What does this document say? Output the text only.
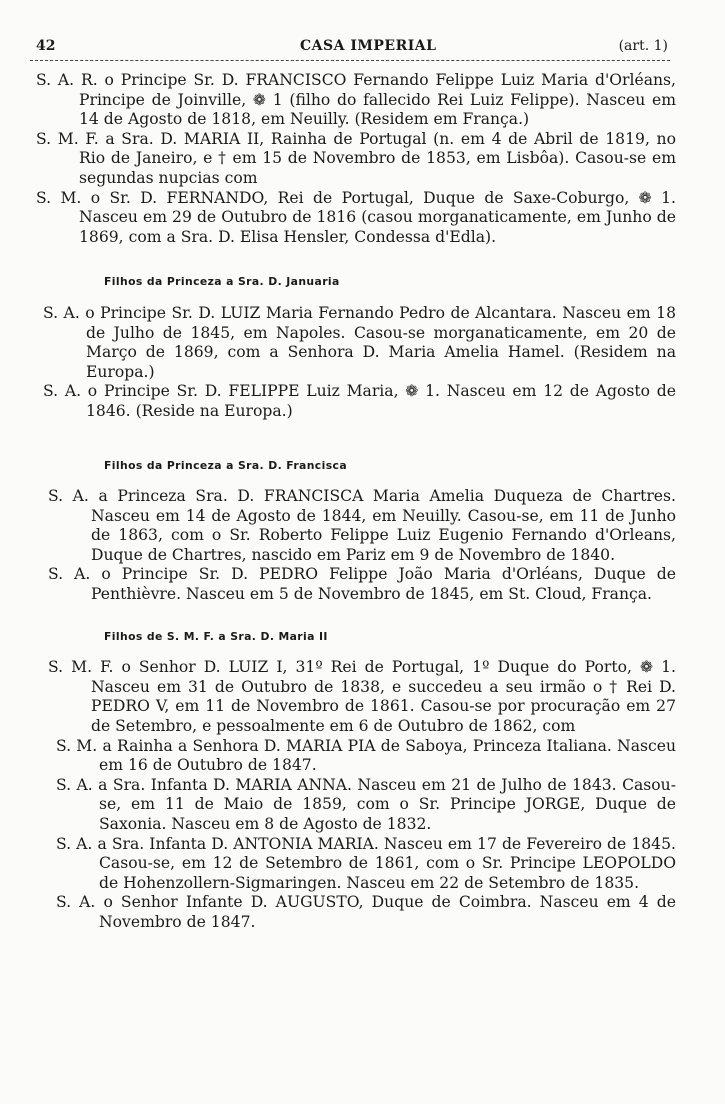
42	CASA IMPERIAL	(art. 1)

S. A. R. o Principe Sr. D. FRANCISCO Fernando Felippe Luiz Maria d'Orléans, Principe de Joinville, ❁ 1 (filho do fallecido Rei Luiz Felippe). Nasceu em 14 de Agosto de 1818, em Neuilly. (Residem em França.)

S. M. F. a Sra. D. MARIA II, Rainha de Portugal (n. em 4 de Abril de 1819, no Rio de Janeiro, e † em 15 de Novembro de 1853, em Lisbôa). Casou-se em segundas nupcias com

S. M. o Sr. D. FERNANDO, Rei de Portugal, Duque de Saxe-Coburgo, ❁ 1. Nasceu em 29 de Outubro de 1816 (casou morganaticamente, em Junho de 1869, com a Sra. D. Elisa Hensler, Condessa d'Edla).

Filhos da Princeza a Sra. D. Januaria

S. A. o Principe Sr. D. LUIZ Maria Fernando Pedro de Alcantara. Nasceu em 18 de Julho de 1845, em Napoles. Casou-se morganaticamente, em 20 de Março de 1869, com a Senhora D. Maria Amelia Hamel. (Residem na Europa.)

S. A. o Principe Sr. D. FELIPPE Luiz Maria, ❁ 1. Nasceu em 12 de Agosto de 1846. (Reside na Europa.)

Filhos da Princeza a Sra. D. Francisca

S. A. a Princeza Sra. D. FRANCISCA Maria Amelia Duqueza de Chartres. Nasceu em 14 de Agosto de 1844, em Neuilly. Casou-se, em 11 de Junho de 1863, com o Sr. Roberto Felippe Luiz Eugenio Fernando d'Orleans, Duque de Chartres, nascido em Pariz em 9 de Novembro de 1840.

S. A. o Principe Sr. D. PEDRO Felippe João Maria d'Orléans, Duque de Penthièvre. Nasceu em 5 de Novembro de 1845, em St. Cloud, França.

Filhos de S. M. F. a Sra. D. Maria II

S. M. F. o Senhor D. LUIZ I, 31º Rei de Portugal, 1º Duque do Porto, ❁ 1. Nasceu em 31 de Outubro de 1838, e succedeu a seu irmão o † Rei D. PEDRO V, em 11 de Novembro de 1861. Casou-se por procuração em 27 de Setembro, e pessoalmente em 6 de Outubro de 1862, com

S. M. a Rainha a Senhora D. MARIA PIA de Saboya, Princeza Italiana. Nasceu em 16 de Outubro de 1847.

S. A. a Sra. Infanta D. MARIA ANNA. Nasceu em 21 de Julho de 1843. Casou-se, em 11 de Maio de 1859, com o Sr. Principe JORGE, Duque de Saxonia. Nasceu em 8 de Agosto de 1832.

S. A. a Sra. Infanta D. ANTONIA MARIA. Nasceu em 17 de Fevereiro de 1845. Casou-se, em 12 de Setembro de 1861, com o Sr. Principe LEOPOLDO de Hohenzollern-Sigmaringen. Nasceu em 22 de Setembro de 1835.

S. A. o Senhor Infante D. AUGUSTO, Duque de Coimbra. Nasceu em 4 de Novembro de 1847.
